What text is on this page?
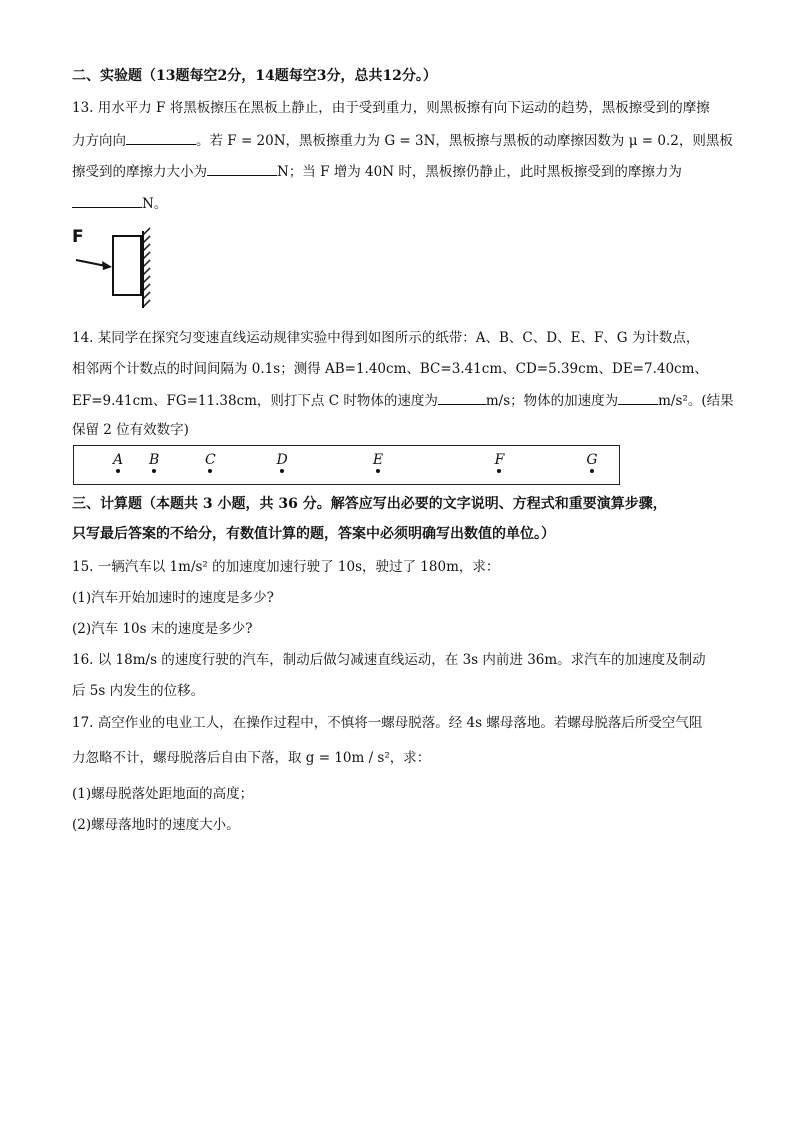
二、实验题（13题每空2分，14题每空3分，总共12分。）
13. 用水平力 F 将黑板擦压在黑板上静止，由于受到重力，则黑板擦有向下运动的趋势，黑板擦受到的摩擦
力方向向	。若 F = 20N，黑板擦重力为 G = 3N，黑板擦与黑板的动摩擦因数为 μ = 0.2，则黑板
擦受到的摩擦力大小为	N；当 F 增为 40N 时，黑板擦仍静止，此时黑板擦受到的摩擦力为
N。
F
14. 某同学在探究匀变速直线运动规律实验中得到如图所示的纸带：A、B、C、D、E、F、G 为计数点，
相邻两个计数点的时间间隔为 0.1s；测得 AB=1.40cm、BC=3.41cm、CD=5.39cm、DE=7.40cm、
EF=9.41cm、FG=11.38cm，则打下点 C 时物体的速度为	m/s；物体的加速度为	m/s²。(结果
保留 2 位有效数字)
A	B	C	D	E	F	G
三、计算题（本题共 3 小题，共 36 分。解答应写出必要的文字说明、方程式和重要演算步骤，
只写最后答案的不给分，有数值计算的题，答案中必须明确写出数值的单位。）
15. 一辆汽车以 1m/s² 的加速度加速行驶了 10s，驶过了 180m，求：
(1)汽车开始加速时的速度是多少?
(2)汽车 10s 末的速度是多少?
16. 以 18m/s 的速度行驶的汽车，制动后做匀减速直线运动，在 3s 内前进 36m。求汽车的加速度及制动
后 5s 内发生的位移。
17. 高空作业的电业工人，在操作过程中，不慎将一螺母脱落。经 4s 螺母落地。若螺母脱落后所受空气阻
力忽略不计，螺母脱落后自由下落，取 g = 10m / s²，求：
(1)螺母脱落处距地面的高度；
(2)螺母落地时的速度大小。
